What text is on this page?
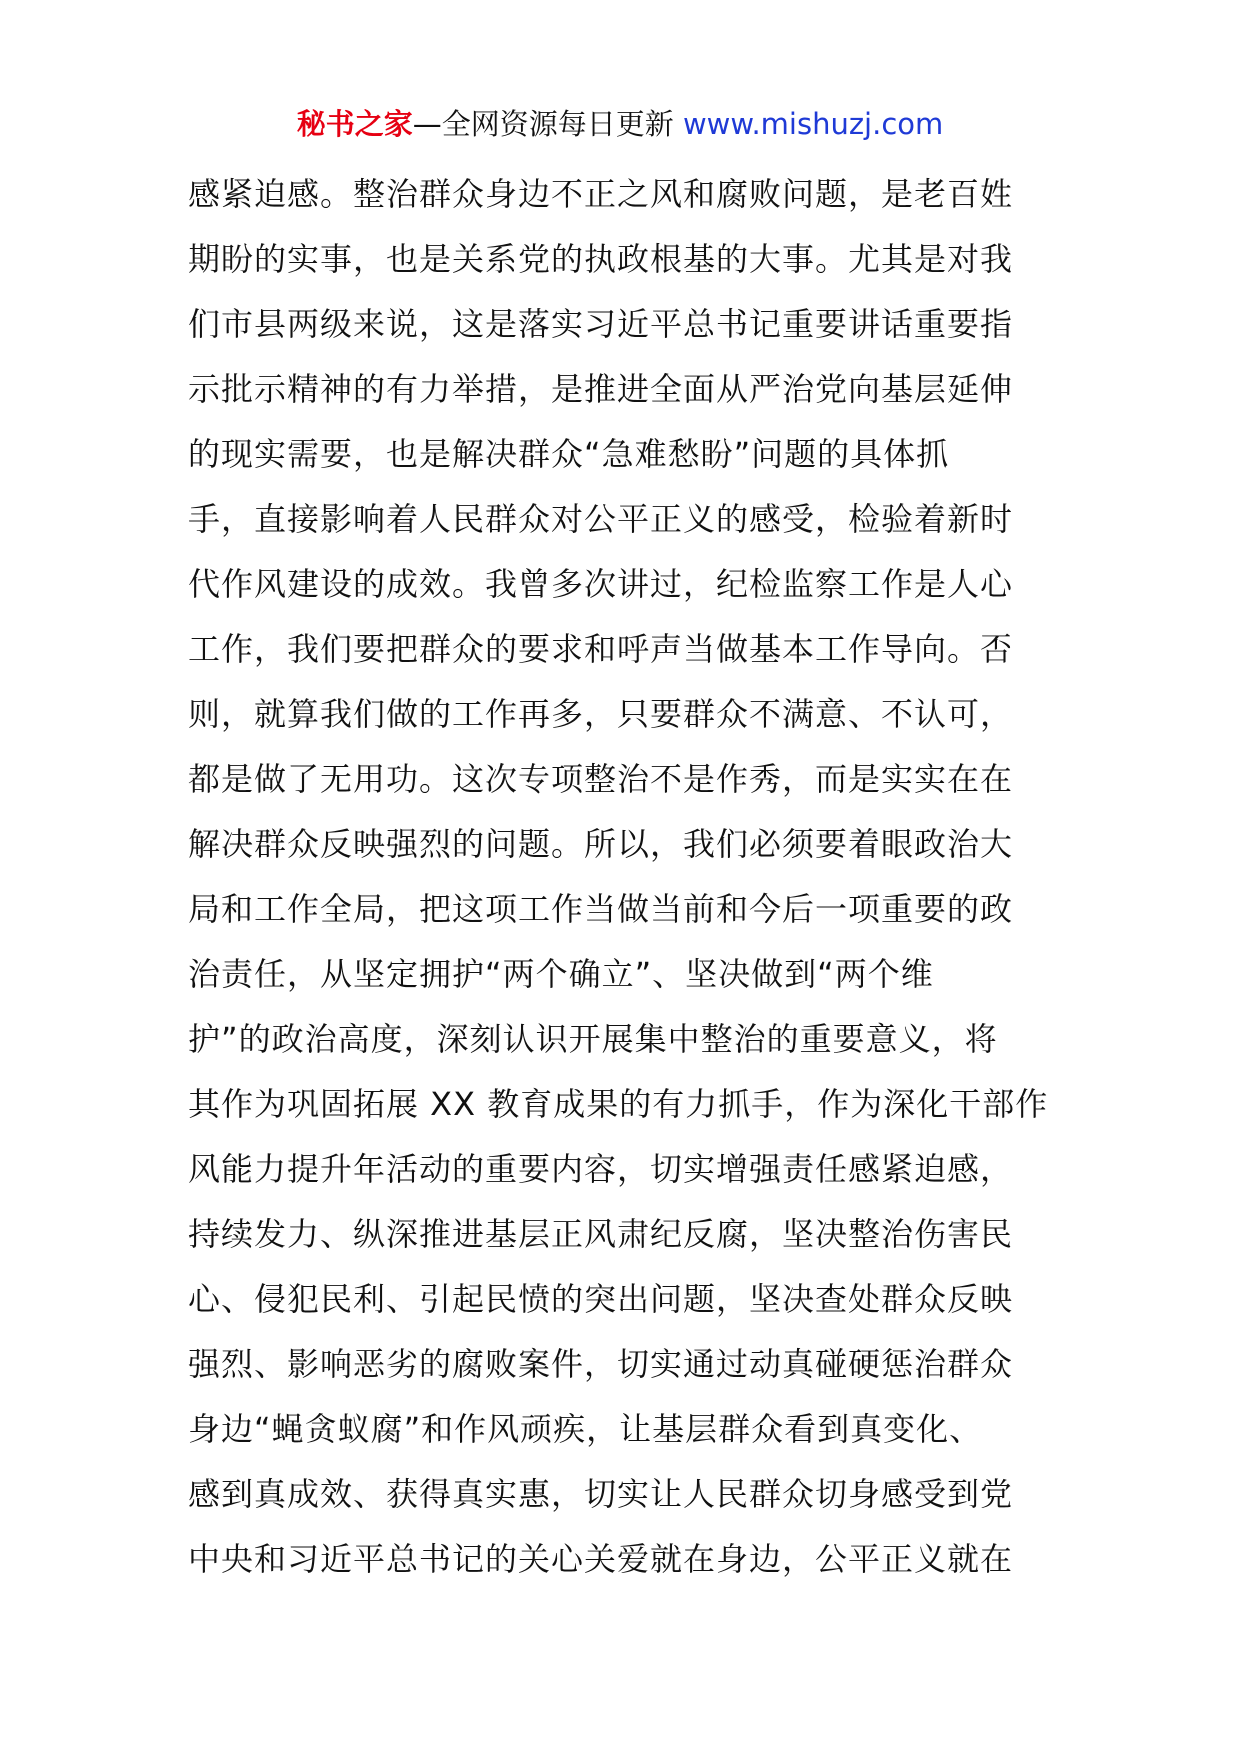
秘书之家—全网资源每日更新 www.mishuzj.com
感紧迫感。整治群众身边不正之风和腐败问题，是老百姓
期盼的实事，也是关系党的执政根基的大事。尤其是对我
们市县两级来说，这是落实习近平总书记重要讲话重要指
示批示精神的有力举措，是推进全面从严治党向基层延伸
的现实需要，也是解决群众“急难愁盼”问题的具体抓
手，直接影响着人民群众对公平正义的感受，检验着新时
代作风建设的成效。我曾多次讲过，纪检监察工作是人心
工作，我们要把群众的要求和呼声当做基本工作导向。否
则，就算我们做的工作再多，只要群众不满意、不认可，
都是做了无用功。这次专项整治不是作秀，而是实实在在
解决群众反映强烈的问题。所以，我们必须要着眼政治大
局和工作全局，把这项工作当做当前和今后一项重要的政
治责任，从坚定拥护“两个确立”、坚决做到“两个维
护”的政治高度，深刻认识开展集中整治的重要意义，将
其作为巩固拓展 XX 教育成果的有力抓手，作为深化干部作
风能力提升年活动的重要内容，切实增强责任感紧迫感，
持续发力、纵深推进基层正风肃纪反腐，坚决整治伤害民
心、侵犯民利、引起民愤的突出问题，坚决查处群众反映
强烈、影响恶劣的腐败案件，切实通过动真碰硬惩治群众
身边“蝇贪蚁腐”和作风顽疾，让基层群众看到真变化、
感到真成效、获得真实惠，切实让人民群众切身感受到党
中央和习近平总书记的关心关爱就在身边，公平正义就在
